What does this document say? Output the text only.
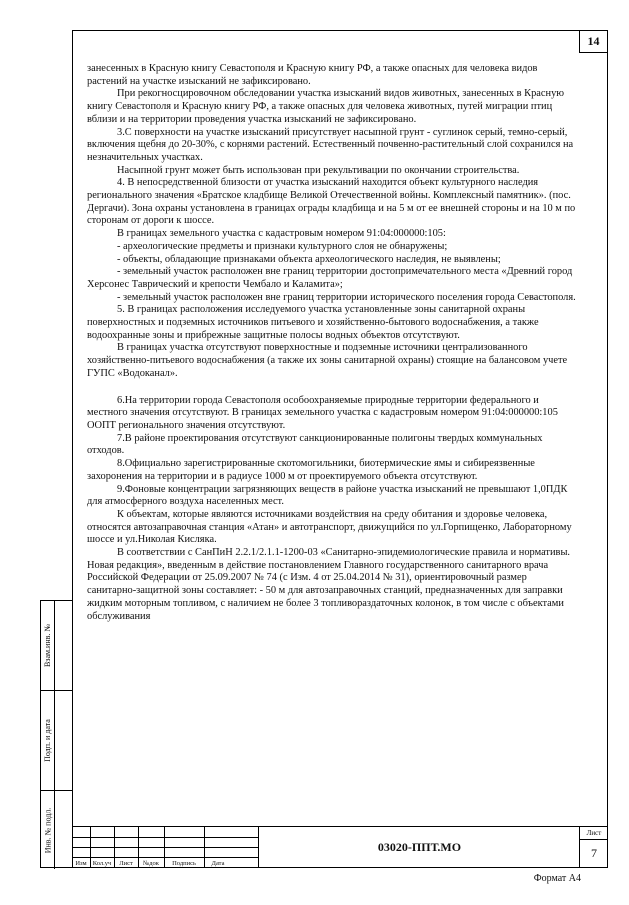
14

занесенных в Красную книгу Севастополя и Красную книгу РФ, а также опасных для человека видов растений на участке изысканий не зафиксировано.

При рекогносцировочном обследовании участка изысканий видов животных, занесенных в Красную книгу Севастополя и Красную книгу РФ, а также опасных для человека животных, путей миграции птиц вблизи и на территории проведения участка изысканий не зафиксировано.

3.С поверхности на участке изысканий присутствует насыпной грунт - суглинок серый, темно-серый, включения щебня до 20-30%, с корнями растений. Естественный почвенно-растительный слой сохранился на незначительных участках.

Насыпной грунт может быть использован при рекультивации по окончании строительства.

4. В непосредственной близости от участка изысканий находится объект культурного наследия регионального значения «Братское кладбище Великой Отечественной войны. Комплексный памятник». (пос. Дергачи). Зона охраны установлена в границах ограды кладбища и на 5 м от ее внешней стороны и на 10 м по сторонам от дороги к шоссе.

В границах земельного участка с кадастровым номером 91:04:000000:105:

- археологические предметы и признаки культурного слоя не обнаружены;

- объекты, обладающие признаками объекта археологического наследия, не выявлены;

- земельный участок расположен вне границ территории достопримечательного места «Древний город Херсонес Таврический и крепости Чембало и Каламита»;

- земельный участок расположен вне границ территории исторического поселения города Севастополя.

5. В границах расположения исследуемого участка установленные зоны санитарной охраны поверхностных и подземных источников питьевого и хозяйственно-бытового водоснабжения, а также водоохранные зоны и прибрежные защитные полосы водных объектов отсутствуют.

В границах участка отсутствуют поверхностные и подземные источники централизованного хозяйственно-питьевого водоснабжения (а также их зоны санитарной охраны) стоящие на балансовом учете ГУПС «Водоканал».

6.На территории города Севастополя особоохраняемые природные территории федерального и местного значения отсутствуют. В границах земельного участка с кадастровым номером 91:04:000000:105 ООПТ регионального значения отсутствуют.

7.В районе проектирования отсутствуют санкционированные полигоны твердых коммунальных отходов.

8.Официально зарегистрированные скотомогильники, биотермические ямы и сибиреязвенные захоронения на территории и в радиусе 1000 м от проектируемого объекта отсутствуют.

9.Фоновые концентрации загрязняющих веществ в районе участка изысканий не превышают 1,0ПДК для атмосферного воздуха населенных мест.

К объектам, которые являются источниками воздействия на среду обитания и здоровье человека, относятся автозаправочная станция «Атан» и автотранспорт, движущийся по ул.Горпищенко, Лабораторному шоссе и ул.Николая Кисляка.

В соответствии с СанПиН 2.2.1/2.1.1-1200-03 «Санитарно-эпидемиологические правила и нормативы. Новая редакция», введенным в действие постановлением Главного государственного санитарного врача Российской Федерации от 25.09.2007 № 74 (с Изм. 4 от 25.04.2014 № 31), ориентировочный размер санитарно-защитной зоны составляет: - 50 м для автозаправочных станций, предназначенных для заправки жидким моторным топливом, с наличием не более 3 топливораздаточных колонок, в том числе с объектами обслуживания

Взам.инв. №
Подп. и дата
Инв. № подл.
Изм Кол.уч	Лист	№док	Подпись	Дата
03020-ППТ.МО
Лист
7
Формат А4
